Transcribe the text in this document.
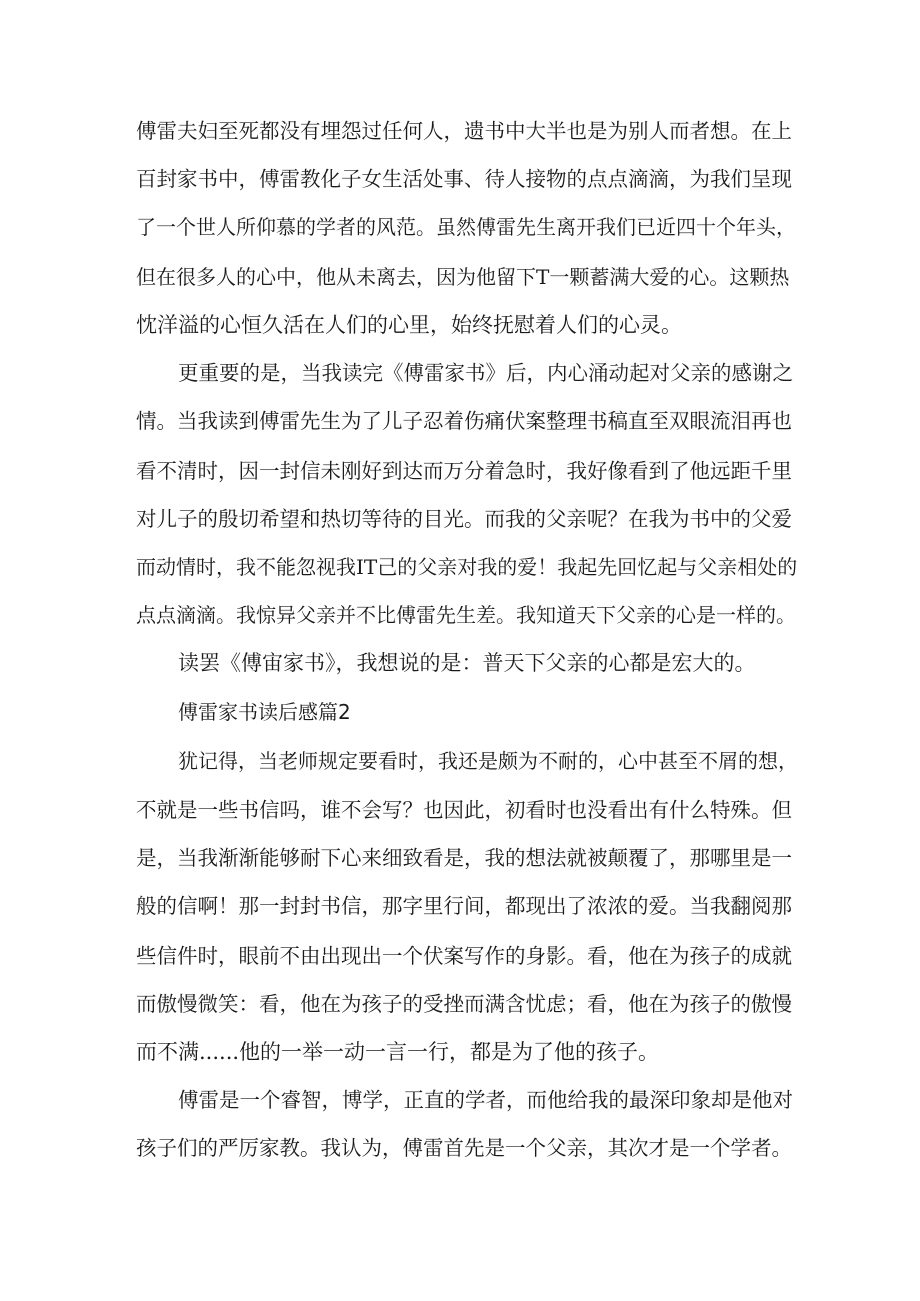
傅雷夫妇至死都没有埋怨过任何人，遗书中大半也是为别人而者想。在上
百封家书中，傅雷教化子女生活处事、待人接物的点点滴滴，为我们呈现
了一个世人所仰慕的学者的风范。虽然傅雷先生离开我们已近四十个年头，
但在很多人的心中，他从未离去，因为他留下T一颗蓄满大爱的心。这颗热
忱洋溢的心恒久活在人们的心里，始终抚慰着人们的心灵。
更重要的是，当我读完《傅雷家书》后，内心涌动起对父亲的感谢之
情。当我读到傅雷先生为了儿子忍着伤痛伏案整理书稿直至双眼流泪再也
看不清时，因一封信未刚好到达而万分着急时，我好像看到了他远距千里
对儿子的殷切希望和热切等待的目光。而我的父亲呢？在我为书中的父爱
而动情时，我不能忽视我IT己的父亲对我的爱！我起先回忆起与父亲相处的
点点滴滴。我惊异父亲并不比傅雷先生差。我知道天下父亲的心是一样的。
读罢《傅宙家书》，我想说的是：普天下父亲的心都是宏大的。
傅雷家书读后感篇2
犹记得，当老师规定要看时，我还是颇为不耐的，心中甚至不屑的想，
不就是一些书信吗，谁不会写？也因此，初看时也没看出有什么特殊。但
是，当我渐渐能够耐下心来细致看是，我的想法就被颠覆了，那哪里是一
般的信啊！那一封封书信，那字里行间，都现出了浓浓的爱。当我翻阅那
些信件时，眼前不由出现出一个伏案写作的身影。看，他在为孩子的成就
而傲慢微笑：看，他在为孩子的受挫而满含忧虑；看，他在为孩子的傲慢
而不满......他的一举一动一言一行，都是为了他的孩子。
傅雷是一个睿智，博学，正直的学者，而他给我的最深印象却是他对
孩子们的严厉家教。我认为，傅雷首先是一个父亲，其次才是一个学者。
